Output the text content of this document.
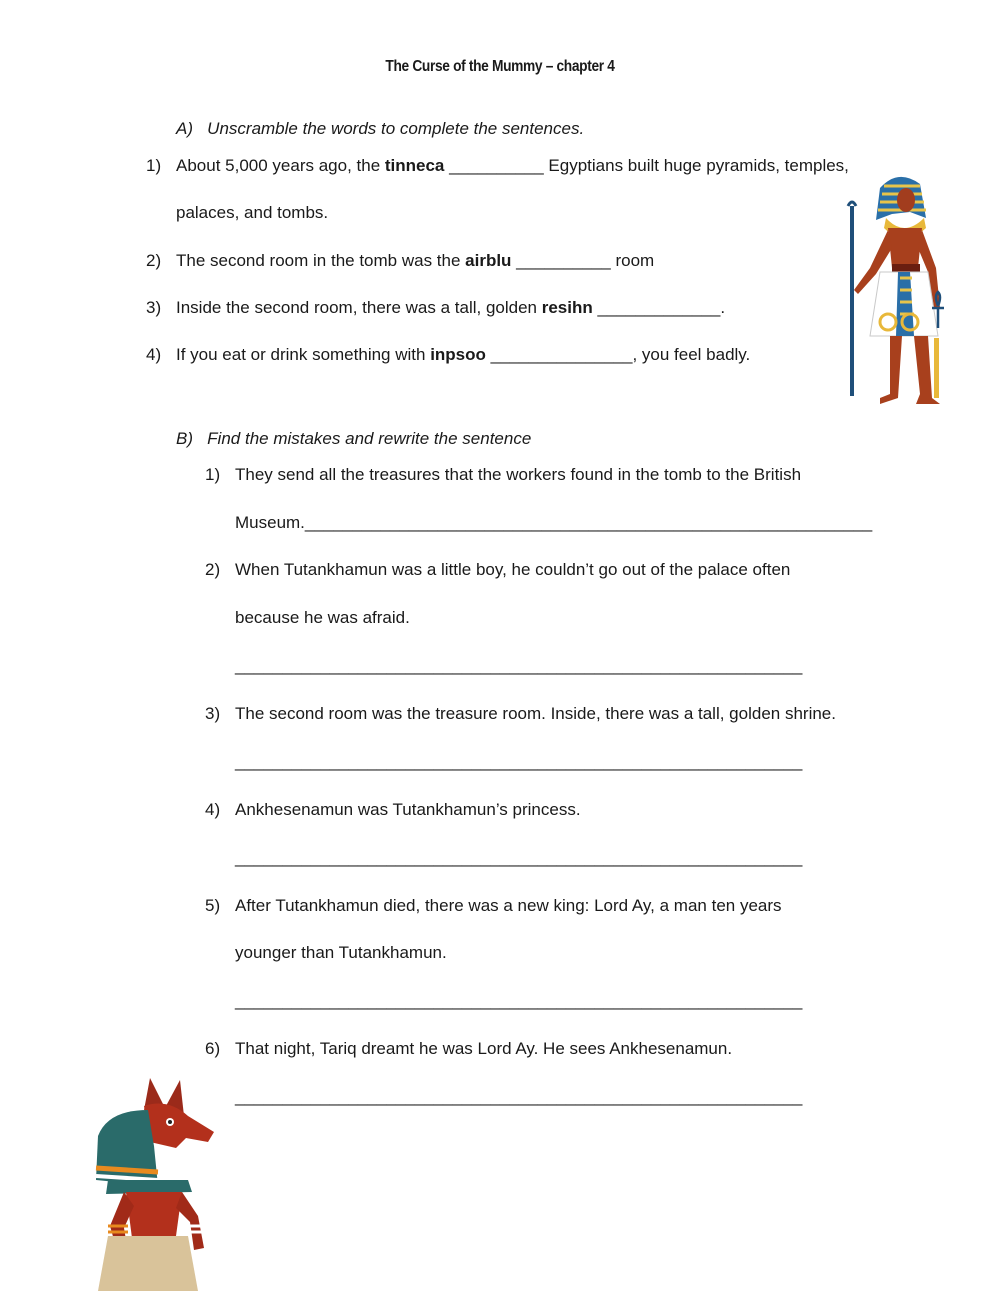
The Curse of the Mummy – chapter 4
A) Unscramble the words to complete the sentences.
1) About 5,000 years ago, the tinneca __________ Egyptians built huge pyramids, temples,
palaces, and tombs.
2) The second room in the tomb was the airblu __________ room
3) Inside the second room, there was a tall, golden resihn _____________.
4) If you eat or drink something with inpsoo _______________, you feel badly.
B) Find the mistakes and rewrite the sentence
1) They send all the treasures that the workers found in the tomb to the British
Museum.____________________________________________________________
2) When Tutankhamun was a little boy, he couldn’t go out of the palace often
because he was afraid.
____________________________________________________________
3) The second room was the treasure room. Inside, there was a tall, golden shrine.
____________________________________________________________
4) Ankhesenamun was Tutankhamun’s princess.
____________________________________________________________
5) After Tutankhamun died, there was a new king: Lord Ay, a man ten years
younger than Tutankhamun.
____________________________________________________________
6) That night, Tariq dreamt he was Lord Ay. He sees Ankhesenamun.
____________________________________________________________
